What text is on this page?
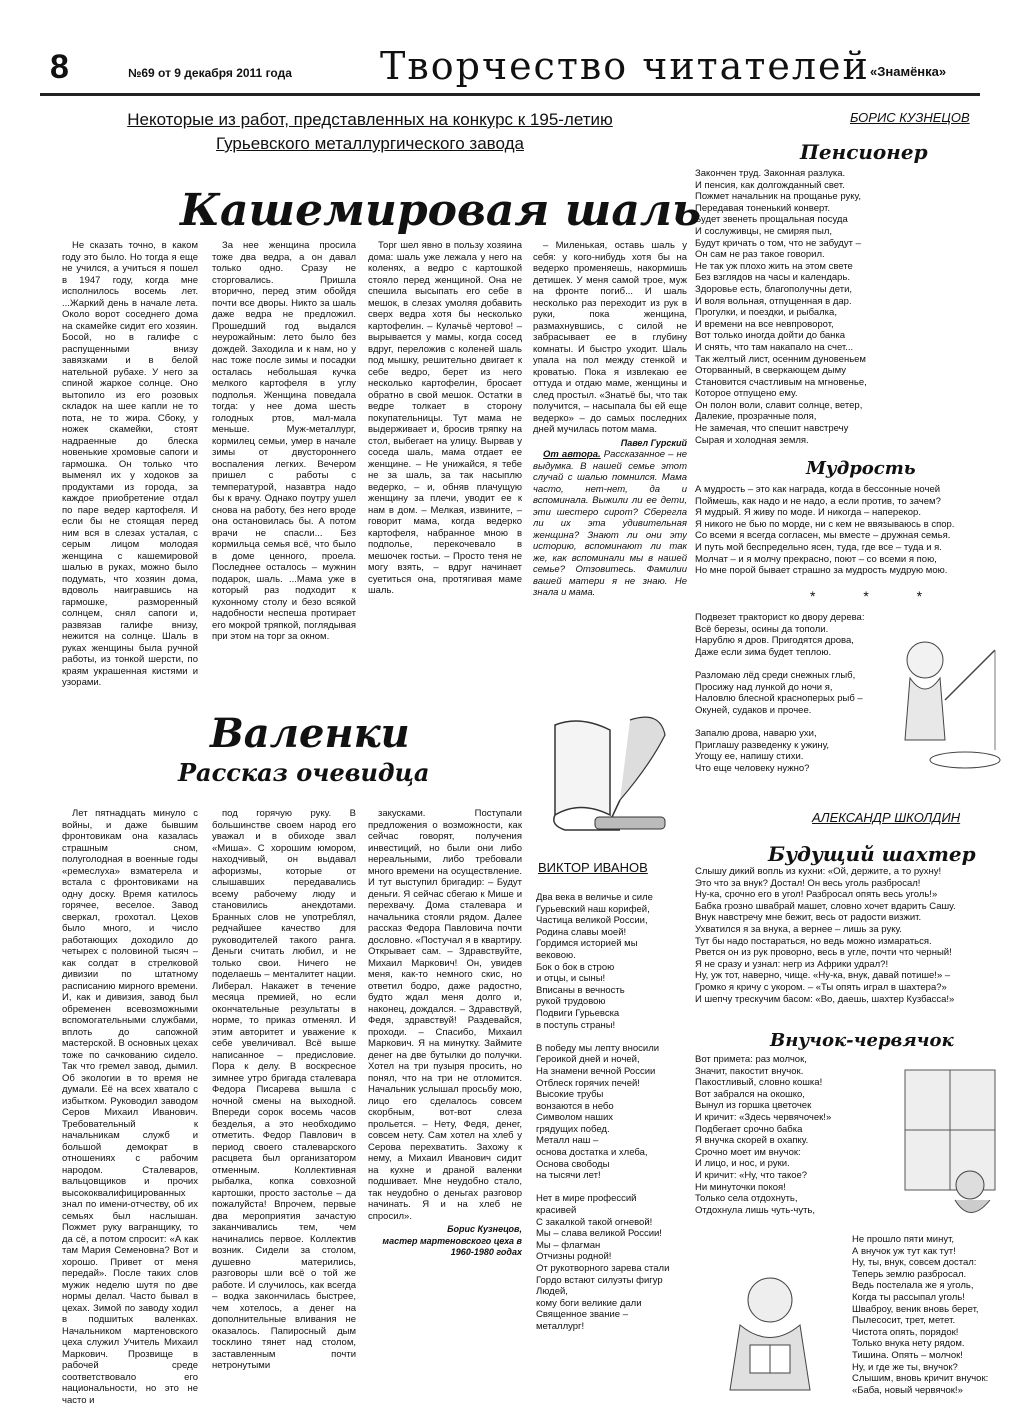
8	№69 от 9 декабря 2011 года Творчество читателей «Знамёнка»
Некоторые из работ, представленных на конкурс к 195-летию Гурьевского металлургического завода
Кашемировая шаль

Не сказать точно, в каком году это было. Но тогда я еще не учился, а учиться я пошел в 1947 году, когда мне исполнилось восемь лет. ...Жаркий день в начале лета. Около ворот соседнего дома на скамейке сидит его хозяин. Босой, но в галифе с распущенными внизу завязками и в белой нательной рубахе. У него за спиной жаркое солнце. Оно вытопило из его розовых складок на шее капли не то пота, не то жира. Сбоку, у ножек скамейки, стоят надраенные до блеска новенькие хромовые сапоги и гармошка. Он только что выменял их у ходоков за продуктами из города, за каждое приобретение отдал по паре ведер картофеля. И если бы не стоящая перед ним вся в слезах усталая, с серым лицом молодая женщина с кашемировой шалью в руках, можно было подумать, что хозяин дома, вдоволь наигравшись на гармошке, разморенный солнцем, снял сапоги и, развязав галифе внизу, нежится на солнце. Шаль в руках женщины была ручной работы, из тонкой шерсти, по краям украшенная кистями и узорами.

За нее женщина просила тоже два ведра, а он давал только одно. Сразу не сторговались. Пришла вторично, перед этим обойдя почти все дворы. Никто за шаль даже ведра не предложил. Прошедший год выдался неурожайным: лето было без дождей. Заходила и к нам, но у нас тоже после зимы и посадки осталась небольшая кучка мелкого картофеля в углу подполья. Женщина поведала тогда: у нее дома шесть голодных ртов, мал-мала меньше. Муж-металлург, кормилец семьи, умер в начале зимы от двустороннего воспаления легких. Вечером пришел с работы с температурой, назавтра надо бы к врачу. Однако поутру ушел снова на работу, без него вроде она остановилась бы. А потом врачи не спасли... Без кормильца семья всё, что было в доме ценного, проела. Последнее осталось – мужнин подарок, шаль. ...Мама уже в который раз подходит к кухонному столу и безо всякой надобности неспеша протирает его мокрой тряпкой, поглядывая при этом на торг за окном.

Торг шел явно в пользу хозяина дома: шаль уже лежала у него на коленях, а ведро с картошкой стояло перед женщиной. Она не спешила высыпать его себе в мешок, в слезах умоляя добавить сверх ведра хотя бы несколько картофелин. – Кулачьё чертово! – вырывается у мамы, когда сосед вдруг, переложив с коленей шаль под мышку, решительно двигает к себе ведро, берет из него несколько картофелин, бросает обратно в свой мешок. Остатки в ведре толкает в сторону покупательницы. Тут мама не выдерживает и, бросив тряпку на стол, выбегает на улицу. Вырвав у соседа шаль, мама отдает ее женщине. – Не унижайся, я тебе не за шаль, за так насыплю ведерко, – и, обняв плачущую женщину за плечи, уводит ее к нам в дом. – Мелкая, извините, – говорит мама, когда ведерко картофеля, набранное мною в подполье, перекочевало в мешочек гостьи. – Просто теня не могу взять, – вдруг начинает суетиться она, протягивая маме шаль.

– Миленькая, оставь шаль у себя: у кого-нибудь хотя бы на ведерко променяешь, накормишь детишек. У меня самой трое, муж на фронте погиб... И шаль несколько раз переходит из рук в руки, пока женщина, размахнувшись, с силой не забрасывает ее в глубину комнаты. И быстро уходит. Шаль упала на пол между стенкой и кроватью. Пока я извлекаю ее оттуда и отдаю маме, женщины и след простыл. «Знатьё бы, что так получится, – насыпала бы ей еще ведерко» – до самых последних дней мучилась потом мама.

Павел Гурский

От автора. Рассказанное – не выдумка. В нашей семье этот случай с шалью помнился. Мама часто, нет-нет, да и вспоминала. Выжили ли ее дети, эти шестеро сирот? Сберегла ли их эта удивительная женщина? Знают ли они эту историю, вспоминают ли так же, как вспоминали мы в нашей семье? Отзовитесь. Фамилии вашей матери я не знаю. Не знала и мама.

Валенки
Рассказ очевидца

Лет пятнадцать минуло с войны, и даже бывшим фронтовикам она казалась страшным сном, полуголодная в военные годы «ремеслуха» взматерела и встала с фронтовиками на одну доску. Время катилось горячее, веселое. Завод сверкал, грохотал. Цехов было много, и число работающих доходило до четырех с половиной тысяч – как солдат в стрелковой дивизии по штатному расписанию мирного времени. И, как и дивизия, завод был обременен всевозможными вспомогательными службами, вплоть до сапожной мастерской. В основных цехах тоже по сачкованию сидело. Так что гремел завод, дымил. Об экологии в то время не думали. Её на всех хватало с избытком. Руководил заводом Серов Михаил Иванович. Требовательный к начальникам служб и большой демократ в отношениях с рабочим народом. Сталеваров, вальцовщиков и прочих высококвалифицированных знал по имени-отчеству, об их семьях был наслышан. Пожмет руку вагранщику, то да сё, а потом спросит: «А как там Мария Семеновна? Вот и хорошо. Привет от меня передай». После таких слов мужик неделю шутя по две нормы делал. Часто бывал в цехах. Зимой по заводу ходил в подшитых валенках. Начальником мартеновского цеха служил Учитель Михаил Маркович. Прозвище в рабочей среде соответствовало его национальности, но это не часто и

под горячую руку. В большинстве своем народ его уважал и в обиходе звал «Миша». С хорошим юмором, находчивый, он выдавал афоризмы, которые от слышавших передавались всему рабочему люду и становились анекдотами. Бранных слов не употреблял, редчайшее качество для руководителей такого ранга. Деньги считать любил, и не только свои. Ничего не поделаешь – менталитет нации. Либерал. Накажет в течение месяца премией, но если окончательные результаты в норме, то приказ отменял. И этим авторитет и уважение к себе увеличивал. Всё выше написанное – предисловие. Пора к делу. В воскресное зимнее утро бригада сталевара Федора Писарева вышла с ночной смены на выходной. Впереди сорок восемь часов безделья, а это необходимо отметить. Федор Павлович в период своего сталеварского расцвета был организатором отменным. Коллективная рыбалка, копка совхозной картошки, просто застолье – да пожалуйста! Впрочем, первые два мероприятия зачастую заканчивались тем, чем начинались первое. Коллектив возник. Сидели за столом, душевно матерились, разговоры шли всё о той же работе. И случилось, как всегда – водка закончилась быстрее, чем хотелось, а денег на дополнительные вливания не оказалось. Папиросный дым тосклино тянет над столом, заставленным почти нетронутыми

закусками. Поступали предложения о возможности, как сейчас говорят, получения инвестиций, но были они либо нереальными, либо требовали много времени на осуществление. И тут выступил бригадир: – Будут деньги. Я сейчас сбегаю к Мише и перехвачу. Дома сталевара и начальника стояли рядом. Далее рассказ Федора Павловича почти дословно. «Постучал я в квартиру. Открывает сам. – Здравствуйте, Михаил Маркович! Он, увидев меня, как-то немного скис, но ответил бодро, даже радостно, будто ждал меня долго и, наконец, дождался. – Здравствуй, Федя, здравствуй! Раздевайся, проходи. – Спасибо, Михаил Маркович. Я на минутку. Займите денег на две бутылки до получки. Хотел на три пузыря просить, но понял, что на три не отломится. Начальник услышал просьбу мою, лицо его сделалось совсем скорбным, вот-вот слеза прольется. – Нету, Федя, денег, совсем нету. Сам хотел на хлеб у Серова перехватить. Захожу к нему, а Михаил Иванович сидит на кухне и драной валенки подшивает. Мне неудобно стало, так неудобно о деньгах разговор начинать. Я и на хлеб не спросил».

Борис Кузнецов,
мастер мартеновского цеха в 1960-1980 годах
БОРИС КУЗНЕЦОВ
Пенсионер
Закончен труд. Законная разлука.
И пенсия, как долгожданный свет.
Пожмет начальник на прощанье руку,
Передавая тоненький конверт.
Будет звенеть прощальная посуда
И сослуживцы, не смиряя пыл,
Будут кричать о том, что не забудут –
Он сам не раз такое говорил.
Не так уж плохо жить на этом свете
Без взглядов на часы и календарь.
Здоровье есть, благополучны дети,
И воля вольная, отпущенная в дар.
Прогулки, и поездки, и рыбалка,
И времени на все невпроворот,
Вот только иногда дойти до банка
И снять, что там накапало на счет...
Так желтый лист, осенним дуновеньем
Оторванный, в сверкающем дыму
Становится счастливым на мгновенье,
Которое отпущено ему.
Он полон воли, славит солнце, ветер,
Далекие, прозрачные поля,
Не замечая, что спешит навстречу
Сырая и холодная земля.
Мудрость
А мудрость – это как награда, когда в бессонные ночей
Поймешь, как надо и не надо, а если против, то зачем?
Я мудрый. Я живу по моде. И никогда – наперекор.
Я никого не бью по морде, ни с кем не ввязываюсь в спор.
Со всеми я всегда согласен, мы вместе – дружная семья.
И путь мой беспредельно ясен, туда, где все – туда и я.
Молчат – и я молчу прекрасно, поют – со всеми я пою,
Но мне порой бывает страшно за мудрость мудрую мою.
* * *
Подвезет тракторист ко двору дерева:
Всё березы, осины да тополи.
Нарублю я дров. Пригодятся дрова,
Даже если зима будет теплою.

Разломаю лёд среди снежных глыб,
Просижу над лункой до ночи я,
Наловлю блесной красноперых рыб –
Окуней, судаков и прочее.

Запалю дрова, наварю ухи,
Приглашу разведенку к ужину,
Угощу ее, напишу стихи.
Что еще человеку нужно?
АЛЕКСАНДР ШКОЛДИН
Будущий шахтер
Слышу дикий вопль из кухни: «Ой, держите, а то рухну!
Это что за внук? Достал! Он весь уголь разбросал!
Ну-ка, срочно его в угол! Разбросал опять весь уголь!»
Бабка грозно швабрай машет, словно хочет вдарить Сашу.
Внук навстречу мне бежит, весь от радости визжит.
Ухватился я за внука, а вернее – лишь за руку.
Тут бы надо постараться, но ведь можно измараться.
Рвется он из рук проворно, весь в угле, почти что черный!
Я не сразу и узнал: негр из Африки удрал?!
Ну, уж тот, наверно, чище. «Ну-ка, внук, давай потише!» –
Громко я кричу с укором. – «Ты опять играл в шахтера?»
И шепчу трескучим басом: «Во, даешь, шахтер Кузбасса!»
Внучок-червячок
Вот примета: раз молчок,
Значит, пакостит внучок.
Пакостливый, словно кошка!
Вот забрался на окошко,
Вынул из горшка цветочек
И кричит: «Здесь червячочек!»
Подбегает срочно бабка
Я внучка скорей в охапку.
Срочно моет им внучок:
И лицо, и нос, и руки.
И кричит: «Ну, что такое?
Ни минуточки покоя!
Только села отдохнуть,
Отдохнула лишь чуть-чуть,
Не прошло пяти минут,
А внучок уж тут как тут!
Ну, ты, внук, совсем достал:
Теперь землю разбросал.
Ведь постелала же я уголь,
Когда ты рассыпал уголь!
Шваброу, веник вновь берет,
Пылесосит, трет, метет.
Чистота опять, порядок!
Только внука нету рядом.
Тишина. Опять – молчок!
Ну, и где же ты, внучок?
Слышим, вновь кричит внучок:
«Баба, новый червячок!»
ВИКТОР ИВАНОВ
Два века в величье и силе
Гурьевский наш корифей,
Частица великой России,
Родина славы моей!
Гордимся историей мы
вековою.
Бок о бок в строю
и отцы, и сыны!
Вписаны в вечность
рукой трудовою
Подвиги Гурьевска
в поступь страны!

В победу мы лепту вносили
Героикой дней и ночей,
На знамени вечной России
Отблеск горячих печей!
Высокие трубы
вонзаются в небо
Символом наших
грядущих побед.
Металл наш –
основа достатка и хлеба,
Основа свободы
на тысячи лет!

Нет в мире профессий
красивей
С закалкой такой огневой!
Мы – слава великой России!
Мы – флагман
Отчизны родной!
От рукотворного зарева стали
Гордо встают силуэты фигур
Людей,
кому боги великие дали
Священное звание –
металлург!
